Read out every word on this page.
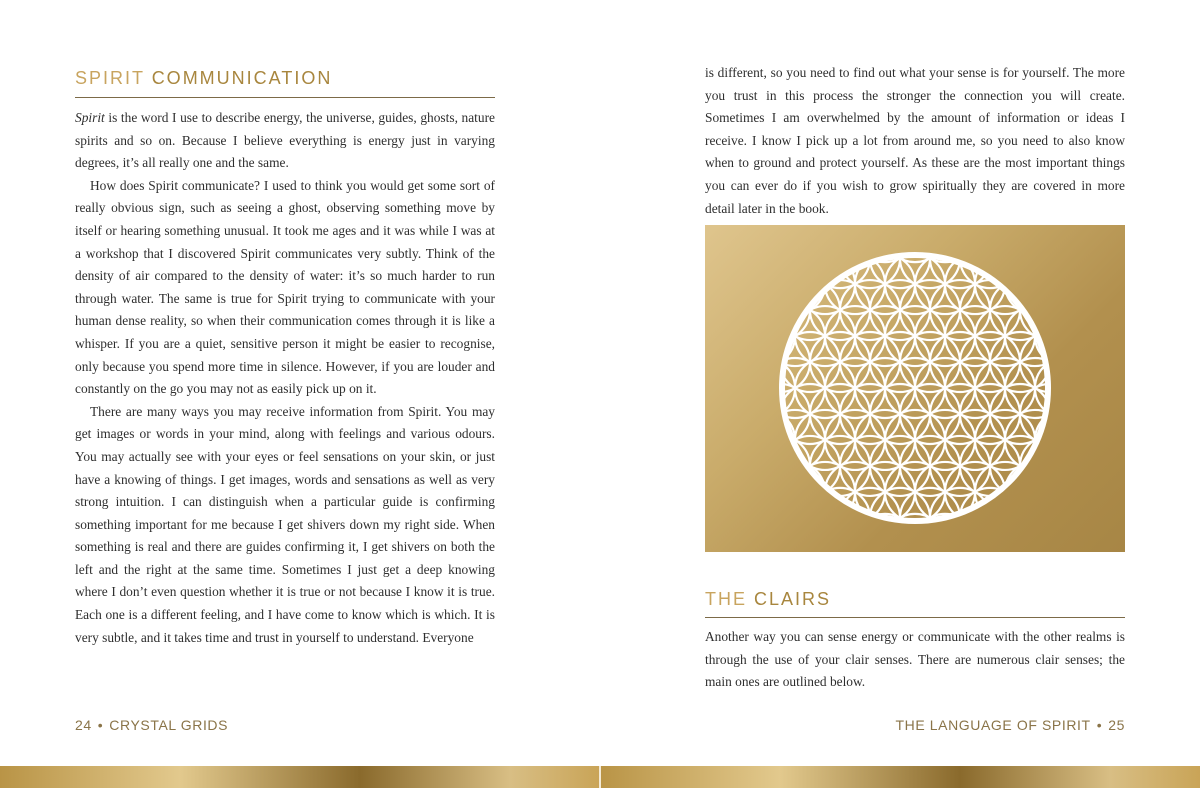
SPIRIT COMMUNICATION

Spirit is the word I use to describe energy, the universe, guides, ghosts, nature spirits and so on. Because I believe everything is energy just in varying degrees, it’s all really one and the same.

How does Spirit communicate? I used to think you would get some sort of really obvious sign, such as seeing a ghost, observing something move by itself or hearing something unusual. It took me ages and it was while I was at a workshop that I discovered Spirit communicates very subtly. Think of the density of air compared to the density of water: it’s so much harder to run through water. The same is true for Spirit trying to communicate with your human dense reality, so when their communication comes through it is like a whisper. If you are a quiet, sensitive person it might be easier to recognise, only because you spend more time in silence. However, if you are louder and constantly on the go you may not as easily pick up on it.

There are many ways you may receive information from Spirit. You may get images or words in your mind, along with feelings and various odours. You may actually see with your eyes or feel sensations on your skin, or just have a knowing of things. I get images, words and sensations as well as very strong intuition. I can distinguish when a particular guide is confirming something important for me because I get shivers down my right side. When something is real and there are guides confirming it, I get shivers on both the left and the right at the same time. Sometimes I just get a deep knowing where I don’t even question whether it is true or not because I know it is true. Each one is a different feeling, and I have come to know which is which. It is very subtle, and it takes time and trust in yourself to understand. Everyone

24 • CRYSTAL GRIDS

is different, so you need to find out what your sense is for yourself. The more you trust in this process the stronger the connection you will create. Sometimes I am overwhelmed by the amount of information or ideas I receive. I know I pick up a lot from around me, so you need to also know when to ground and protect yourself. As these are the most important things you can ever do if you wish to grow spiritually they are covered in more detail later in the book.

THE CLAIRS

Another way you can sense energy or communicate with the other realms is through the use of your clair senses. There are numerous clair senses; the main ones are outlined below.

THE LANGUAGE OF SPIRIT • 25
